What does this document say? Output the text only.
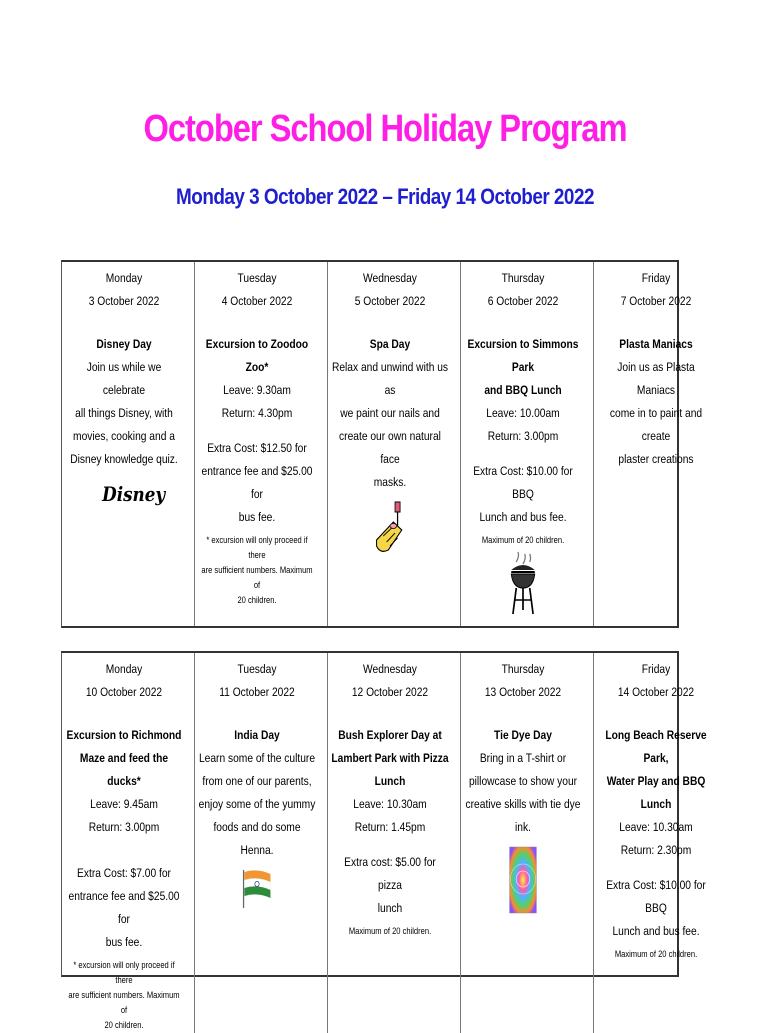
October School Holiday Program
Monday 3 October 2022 – Friday 14 October 2022
Monday
3 October 2022
Disney Day
Join us while we celebrate
all things Disney, with
movies, cooking and a
Disney knowledge quiz.
Disney
Tuesday
4 October 2022
Excursion to Zoodoo Zoo*
Leave: 9.30am
Return: 4.30pm
Extra Cost: $12.50 for
entrance fee and $25.00 for
bus fee.
* excursion will only proceed if there
are sufficient numbers. Maximum of
20 children.
Wednesday
5 October 2022
Spa Day
Relax and unwind with us as
we paint our nails and
create our own natural face
masks.
Thursday
6 October 2022
Excursion to Simmons Park
and BBQ Lunch
Leave: 10.00am
Return: 3.00pm
Extra Cost: $10.00 for BBQ
Lunch and bus fee.
Maximum of 20 children.
Friday
7 October 2022
Plasta Maniacs
Join us as Plasta Maniacs
come in to paint and create
plaster creations
Monday
10 October 2022
Excursion to Richmond
Maze and feed the ducks*
Leave: 9.45am
Return: 3.00pm
Extra Cost: $7.00 for
entrance fee and $25.00 for
bus fee.
* excursion will only proceed if there
are sufficient numbers. Maximum of
20 children.
Tuesday
11 October 2022
India Day
Learn some of the culture
from one of our parents,
enjoy some of the yummy
foods and do some Henna.
Wednesday
12 October 2022
Bush Explorer Day at
Lambert Park with Pizza
Lunch
Leave: 10.30am
Return: 1.45pm
Extra cost: $5.00 for pizza
lunch
Maximum of 20 children.
Thursday
13 October 2022
Tie Dye Day
Bring in a T-shirt or
pillowcase to show your
creative skills with tie dye
ink.
Friday
14 October 2022
Long Beach Reserve Park,
Water Play and BBQ Lunch
Leave: 10.30am
Return: 2.30pm
Extra Cost: $10.00 for BBQ
Lunch and bus fee.
Maximum of 20 children.
